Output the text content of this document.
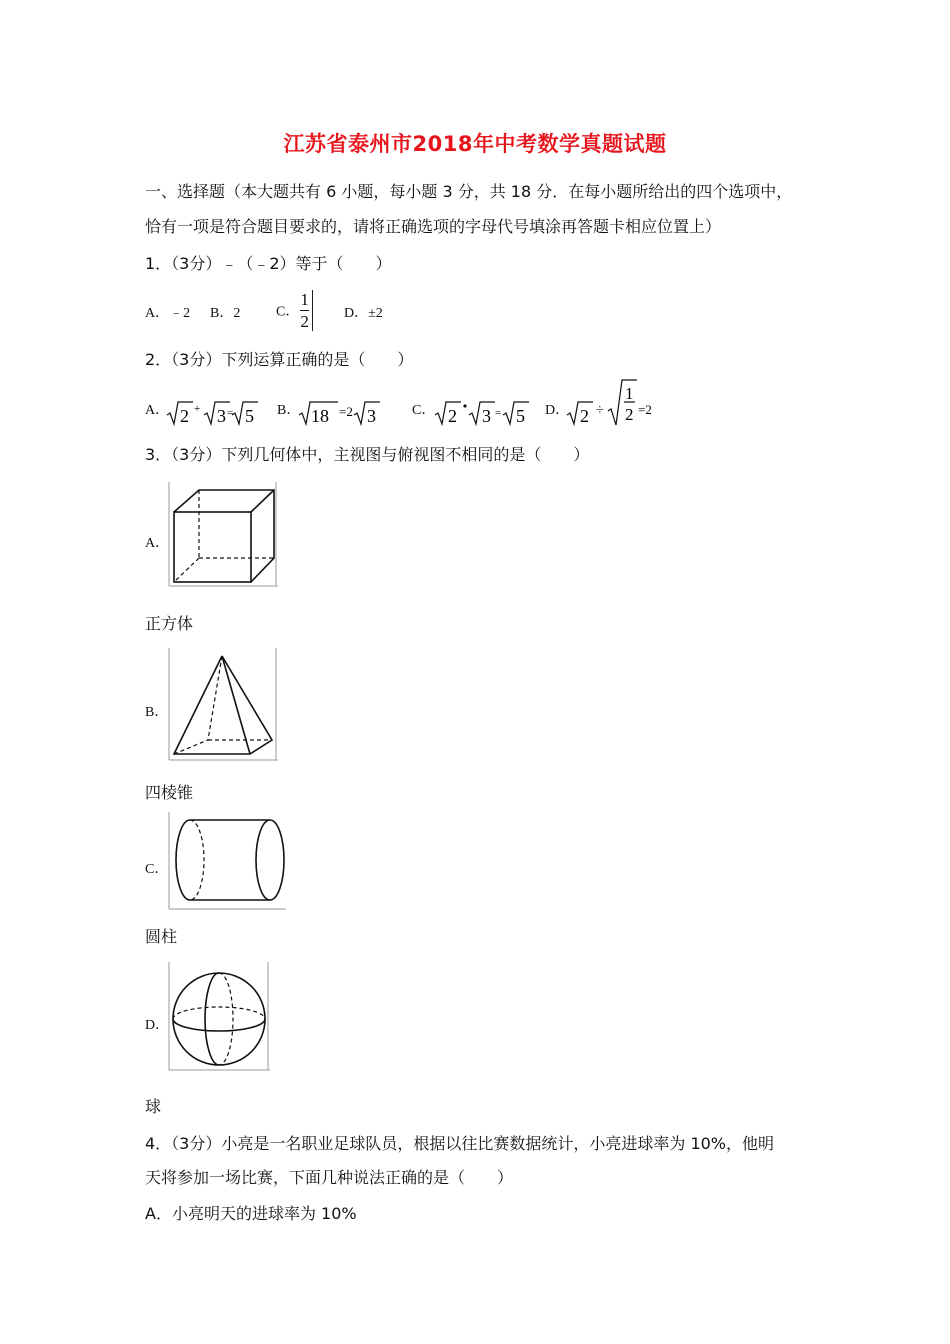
江苏省泰州市2018年中考数学真题试题
一、选择题（本大题共有 6 小题，每小题 3 分，共 18 分．在每小题所给出的四个选项中，
恰有一项是符合题目要求的，请将正确选项的字母代号填涂再答题卡相应位置上）
1．（3分）﹣（﹣2）等于（　　）
A．﹣2 B．2	C． $\frac{1}{2}$ D．±2
2．（3分）下列运算正确的是（　　）
A． 2 + 3 = 5 B． 18 =2 3	C． 2 3 = 5 D． 2 ÷
1
2 =2
3．（3分）下列几何体中，主视图与俯视图不相同的是（　　）
A．
正方体
B．
四棱锥
C．
圆柱
D．
球
4．（3分）小亮是一名职业足球队员，根据以往比赛数据统计，小亮进球率为 10%，他明
天将参加一场比赛，下面几种说法正确的是（　　）
A．小亮明天的进球率为 10%
